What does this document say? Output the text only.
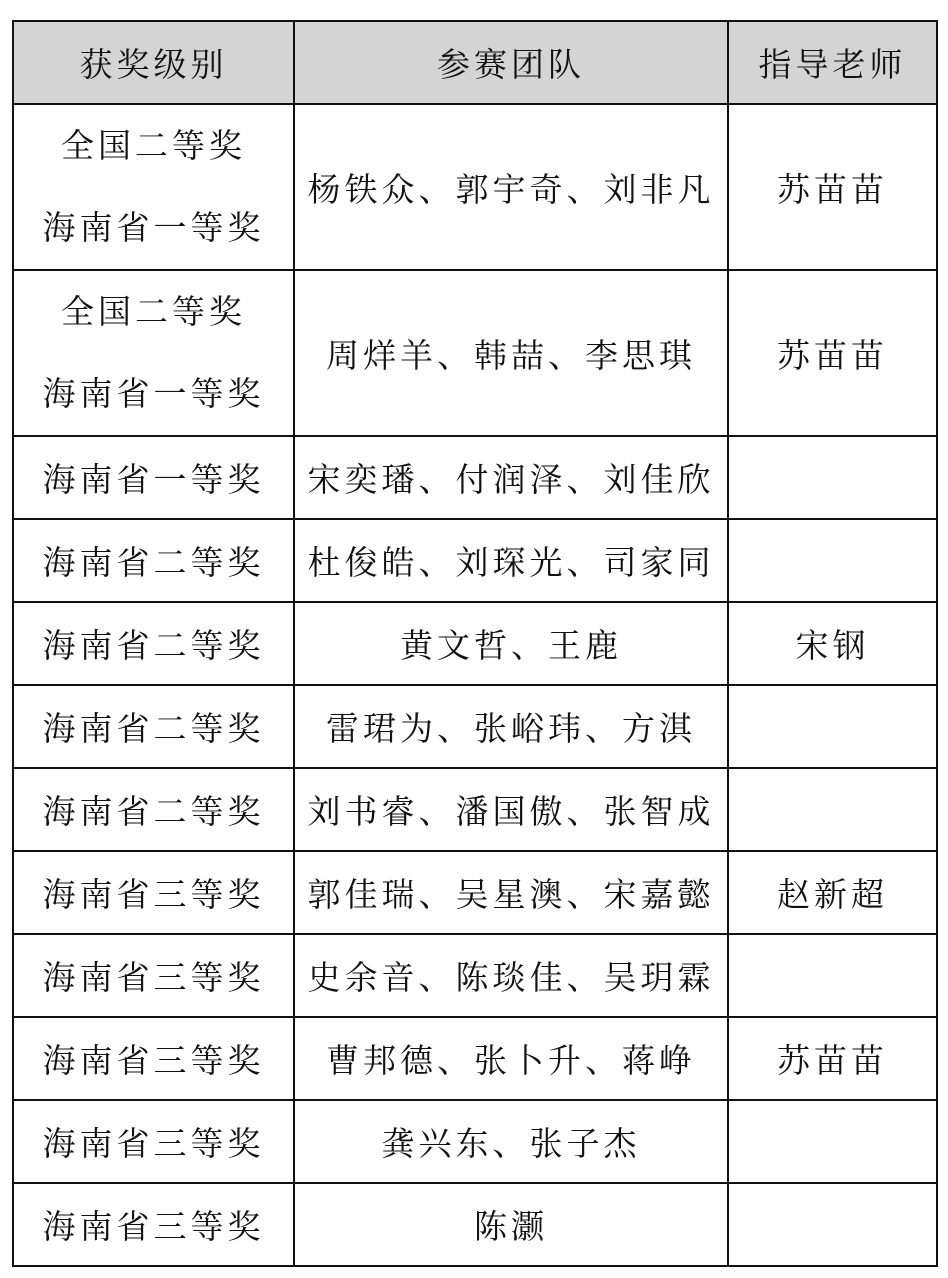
获奖级别	参赛团队	指导老师

全国二等奖
海南省一等奖	杨铁众、郭宇奇、刘非凡	苏苗苗

全国二等奖
海南省一等奖	周烊羊、韩喆、李思琪	苏苗苗
海南省一等奖	宋奕璠、付润泽、刘佳欣	
海南省二等奖	杜俊皓、刘琛光、司家同	
海南省二等奖	黄文哲、王鹿	宋钢
海南省二等奖	雷珺为、张峪玮、方淇	
海南省二等奖	刘书睿、潘国傲、张智成	
海南省三等奖	郭佳瑞、吴星澳、宋嘉懿	赵新超
海南省三等奖	史余音、陈琰佳、吴玥霖	
海南省三等奖	曹邦德、张卜升、蒋峥	苏苗苗
海南省三等奖	龚兴东、张子杰	
海南省三等奖	陈灏	
